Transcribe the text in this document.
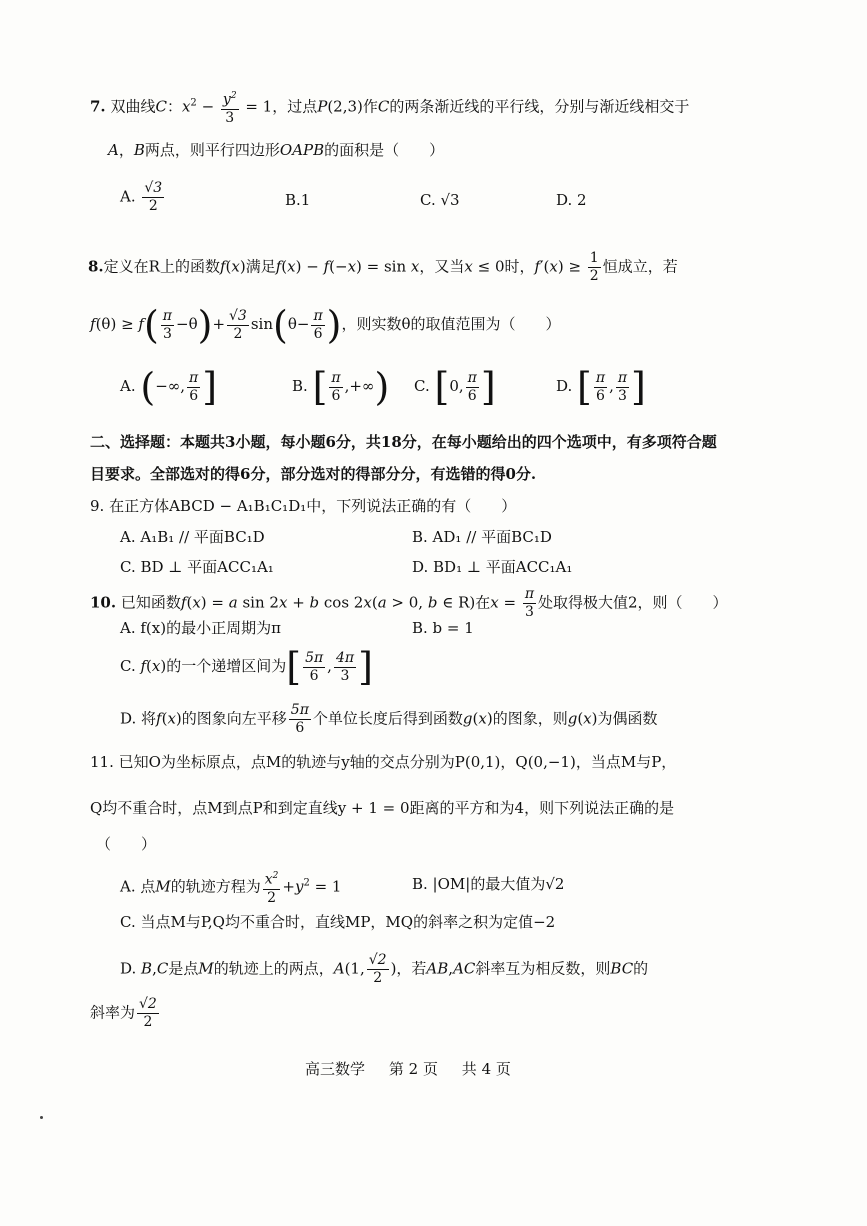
7. 双曲线C：$x^2 - \frac{y^2}{3} = 1$，过点P(2,3)作C的两条渐近线的平行线，分别与渐近线相交于
A，B两点，则平行四边形OAPB的面积是（　　）
A. $\frac{√3}{2}$	B.1	C. √3	D. 2
8.定义在R上的函数f(x)满足f(x) − f(−x) = sin x，又当x ≤ 0时，$f'(x) \ge \frac{1}{2}$ 恒成立，若
$f(\theta) \ge f( \frac{\pi}{3} -\theta)+ \frac{√3}{2} \sin(\theta- \frac{\pi}{6}$ )，则实数θ的取值范围为（　　）
A. (−∞, $\frac{\pi}{6}$ ]	B. [ $\frac{\pi}{6}$ ,+∞) C. [0, $\frac{\pi}{6}$ ]	D. [ $\frac{\pi}{6}$ , $\frac{\pi}{3}$ ]
二、选择题：本题共3小题，每小题6分，共18分，在每小题给出的四个选项中，有多项符合题
目要求。全部选对的得6分，部分选对的得部分分，有选错的得0分.
9. 在正方体ABCD − A₁B₁C₁D₁中，下列说法正确的有（　　）
A. A₁B₁ // 平面BC₁D	B. AD₁ // 平面BC₁D
C. BD ⊥ 平面ACC₁A₁	D. BD₁ ⊥ 平面ACC₁A₁
10. 已知函数f(x) = a sin 2x + b cos 2x(a > 0, b ∈ R)在$x = \frac{\pi}{3}$ 处取得极大值2，则（　　）
A. f(x)的最小正周期为π	B. b = 1
C. f(x)的一个递增区间为[ $\frac{5\pi}{6}$ , $\frac{4\pi}{3}$ ]
D. 将f(x)的图象向左平移 $\frac{5\pi}{6}$ 个单位长度后得到函数g(x)的图象，则g(x)为偶函数
11. 已知O为坐标原点，点M的轨迹与y轴的交点分别为P(0,1)，Q(0,−1)，当点M与P，
Q均不重合时，点M到点P和到定直线y + 1 = 0距离的平方和为4，则下列说法正确的是
（　　）
A. 点M的轨迹方程为 $\frac{x^2}{2} +y^2 = 1$	B. |OM|的最大值为√2
C. 当点M与P,Q均不重合时，直线MP，MQ的斜率之积为定值−2
D. B,C是点M的轨迹上的两点，A(1, $\frac{√2}{2}$ )，若AB,AC斜率互为相反数，则BC的
斜率为 $\frac{√2}{2}$
高三数学 第 2 页 共 4 页
